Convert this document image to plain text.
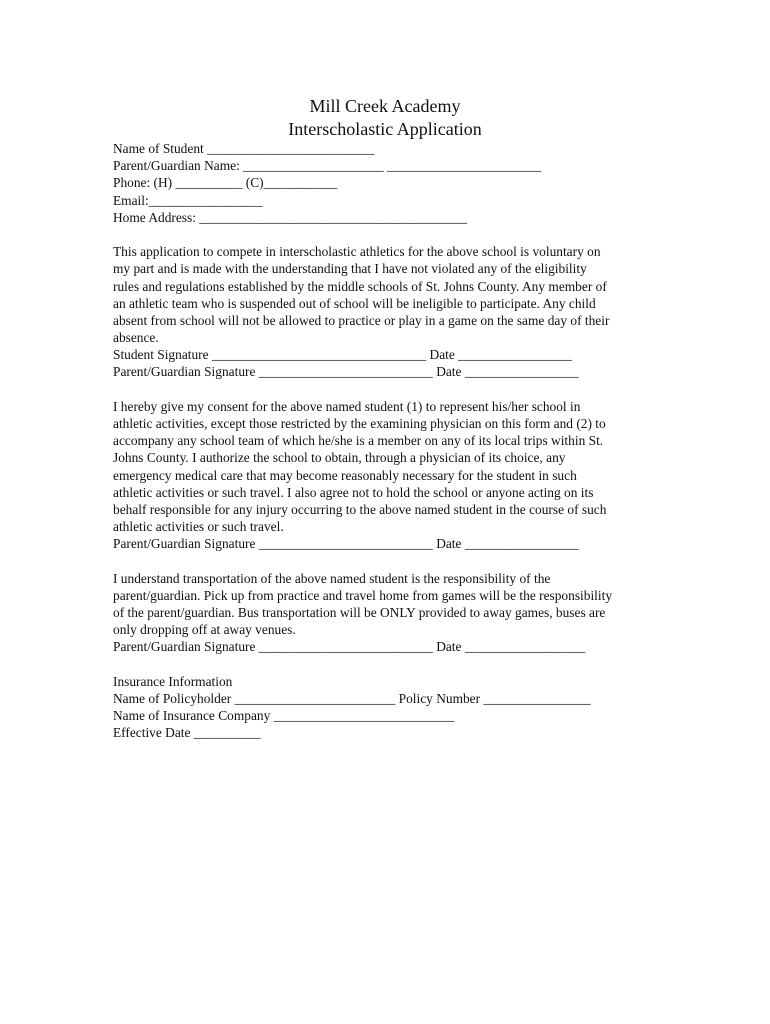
Mill Creek Academy
Interscholastic Application
Name of Student _________________________
Parent/Guardian Name: _____________________ _______________________
Phone: (H) __________ (C)___________
Email:_________________
Home Address: ________________________________________
This application to compete in interscholastic athletics for the above school is voluntary on
my part and is made with the understanding that I have not violated any of the eligibility
rules and regulations established by the middle schools of St. Johns County. Any member of
an athletic team who is suspended out of school will be ineligible to participate. Any child
absent from school will not be allowed to practice or play in a game on the same day of their
absence.
Student Signature ________________________________ Date _________________
Parent/Guardian Signature __________________________ Date _________________
I hereby give my consent for the above named student (1) to represent his/her school in
athletic activities, except those restricted by the examining physician on this form and (2) to
accompany any school team of which he/she is a member on any of its local trips within St.
Johns County. I authorize the school to obtain, through a physician of its choice, any
emergency medical care that may become reasonably necessary for the student in such
athletic activities or such travel. I also agree not to hold the school or anyone acting on its
behalf responsible for any injury occurring to the above named student in the course of such
athletic activities or such travel.
Parent/Guardian Signature __________________________ Date _________________
I understand transportation of the above named student is the responsibility of the
parent/guardian. Pick up from practice and travel home from games will be the responsibility
of the parent/guardian. Bus transportation will be ONLY provided to away games, buses are
only dropping off at away venues.
Parent/Guardian Signature __________________________ Date __________________
Insurance Information
Name of Policyholder ________________________ Policy Number ________________
Name of Insurance Company ___________________________
Effective Date __________
